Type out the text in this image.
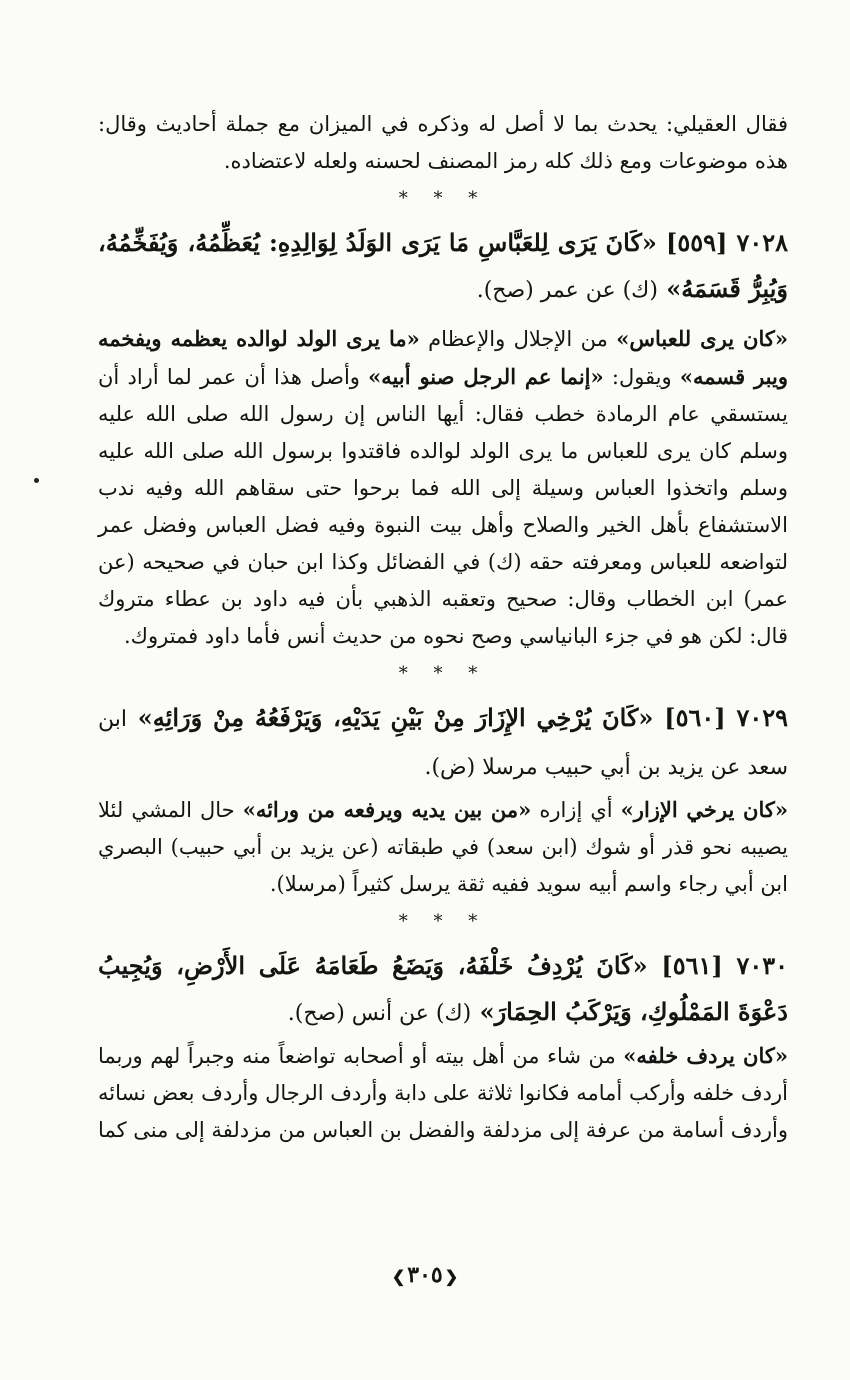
فقال العقيلي: يحدث بما لا أصل له وذكره في الميزان مع جملة أحاديث وقال: هذه موضوعات ومع ذلك كله رمز المصنف لحسنه ولعله لاعتضاده.

* * *

٧٠٢٨ [٥٥٩] «كَانَ يَرَى لِلعَبَّاسِ مَا يَرَى الوَلَدُ لِوَالِدِهِ: يُعَظِّمُهُ، وَيُفَخِّمُهُ، وَيُبِرُّ قَسَمَهُ» (ك) عن عمر (صح).

«كان يرى للعباس» من الإجلال والإعظام «ما يرى الولد لوالده يعظمه ويفخمه ويبر قسمه» ويقول: «إنما عم الرجل صنو أبيه» وأصل هذا أن عمر لما أراد أن يستسقي عام الرمادة خطب فقال: أيها الناس إن رسول الله صلى الله عليه وسلم كان يرى للعباس ما يرى الولد لوالده فاقتدوا برسول الله صلى الله عليه وسلم واتخذوا العباس وسيلة إلى الله فما برحوا حتى سقاهم الله وفيه ندب الاستشفاع بأهل الخير والصلاح وأهل بيت النبوة وفيه فضل العباس وفضل عمر لتواضعه للعباس ومعرفته حقه (ك) في الفضائل وكذا ابن حبان في صحيحه (عن عمر) ابن الخطاب وقال: صحيح وتعقبه الذهبي بأن فيه داود بن عطاء متروك قال: لكن هو في جزء البانياسي وصح نحوه من حديث أنس فأما داود فمتروك.

* * *

٧٠٢٩ [٥٦٠] «كَانَ يُرْخِي الإِزَارَ مِنْ بَيْنِ يَدَيْهِ، وَيَرْفَعُهُ مِنْ وَرَائِهِ» ابن سعد عن يزيد بن أبي حبيب مرسلا (ض).

«كان يرخي الإزار» أي إزاره «من بين يديه ويرفعه من ورائه» حال المشي لئلا يصيبه نحو قذر أو شوك (ابن سعد) في طبقاته (عن يزيد بن أبي حبيب) البصري ابن أبي رجاء واسم أبيه سويد ففيه ثقة يرسل كثيراً (مرسلا).

* * *

٧٠٣٠ [٥٦١] «كَانَ يُرْدِفُ خَلْفَهُ، وَيَضَعُ طَعَامَهُ عَلَى الأَرْضِ، وَيُجِيبُ دَعْوَةَ المَمْلُوكِ، وَيَرْكَبُ الحِمَارَ» (ك) عن أنس (صح).

«كان يردف خلفه» من شاء من أهل بيته أو أصحابه تواضعاً منه وجبراً لهم وربما أردف خلفه وأركب أمامه فكانوا ثلاثة على دابة وأردف الرجال وأردف بعض نسائه وأردف أسامة من عرفة إلى مزدلفة والفضل بن العباس من مزدلفة إلى منى كما

❮٣٠٥❯
